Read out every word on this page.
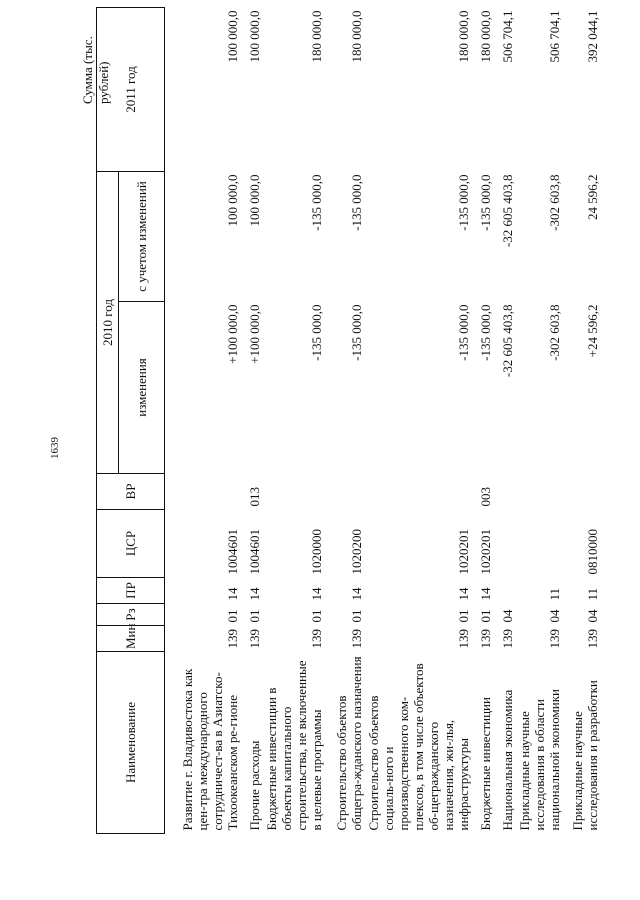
1639
Сумма (тыс. рублей)
Наименование	Мин	Рз	ПР	ЦСР	ВР	2010 год		2011 год
						изменения	с учетом изменений	
Развитие г. Владивостока как цен-тра международного сотрудничест-ва в Азиатско-Тихоокеанском ре-гионе	139	01	14	1004601		+100 000,0	100 000,0	100 000,0
Прочие расходы	139	01	14	1004601	013	+100 000,0	100 000,0	100 000,0
Бюджетные инвестиции в объекты капитального строительства, не включенные в целевые программы	139	01	14	1020000		-135 000,0	-135 000,0	180 000,0
Строительство объектов общегра-жданского назначения	139	01	14	1020200		-135 000,0	-135 000,0	180 000,0
Строительство объектов социаль-ного и производственного ком-плексов, в том числе объектов об-щегражданского назначения, жи-лья, инфраструктуры	139	01	14	1020201		-135 000,0	-135 000,0	180 000,0
Бюджетные инвестиции	139	01	14	1020201	003	-135 000,0	-135 000,0	180 000,0
Национальная экономика	139	04				-32 605 403,8	-32 605 403,8	506 704,1
Прикладные научные исследования в области национальной экономики	139	04	11			-302 603,8	-302 603,8	506 704,1
Прикладные научные исследования и разработки	139	04	11	0810000		+24 596,2	24 596,2	392 044,1
